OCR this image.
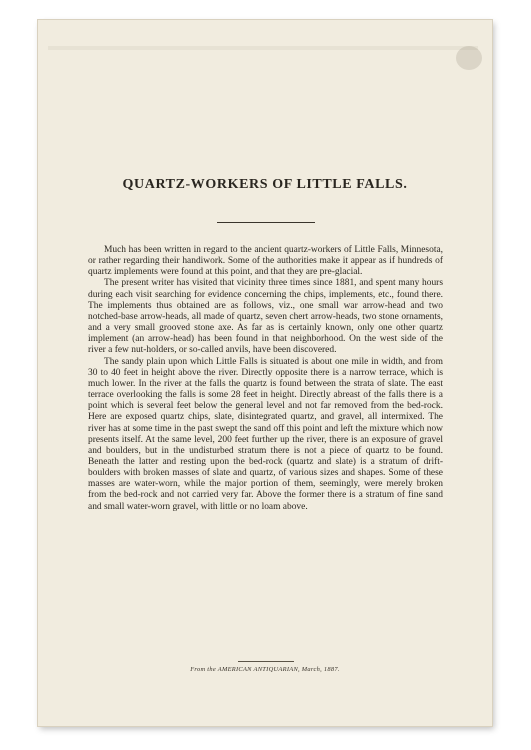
QUARTZ-WORKERS OF LITTLE FALLS.

Much has been written in regard to the ancient quartz-workers of Little Falls, Minnesota, or rather regarding their handiwork. Some of the authorities make it appear as if hundreds of quartz implements were found at this point, and that they are pre-glacial.

The present writer has visited that vicinity three times since 1881, and spent many hours during each visit searching for evidence concerning the chips, implements, etc., found there. The implements thus obtained are as follows, viz., one small war arrow-head and two notched-base arrow-heads, all made of quartz, seven chert arrow-heads, two stone ornaments, and a very small grooved stone axe. As far as is certainly known, only one other quartz implement (an arrow-head) has been found in that neighborhood. On the west side of the river a few nut-holders, or so-called anvils, have been discovered.

The sandy plain upon which Little Falls is situated is about one mile in width, and from 30 to 40 feet in height above the river. Directly opposite there is a narrow terrace, which is much lower. In the river at the falls the quartz is found between the strata of slate. The east terrace overlooking the falls is some 28 feet in height. Directly abreast of the falls there is a point which is several feet below the general level and not far removed from the bed-rock. Here are exposed quartz chips, slate, disintegrated quartz, and gravel, all intermixed. The river has at some time in the past swept the sand off this point and left the mixture which now presents itself. At the same level, 200 feet further up the river, there is an exposure of gravel and boulders, but in the undisturbed stratum there is not a piece of quartz to be found. Beneath the latter and resting upon the bed-rock (quartz and slate) is a stratum of drift-boulders with broken masses of slate and quartz, of various sizes and shapes. Some of these masses are water-worn, while the major portion of them, seemingly, were merely broken from the bed-rock and not carried very far. Above the former there is a stratum of fine sand and small water-worn gravel, with little or no loam above.

From the AMERICAN ANTIQUARIAN, March, 1887.
